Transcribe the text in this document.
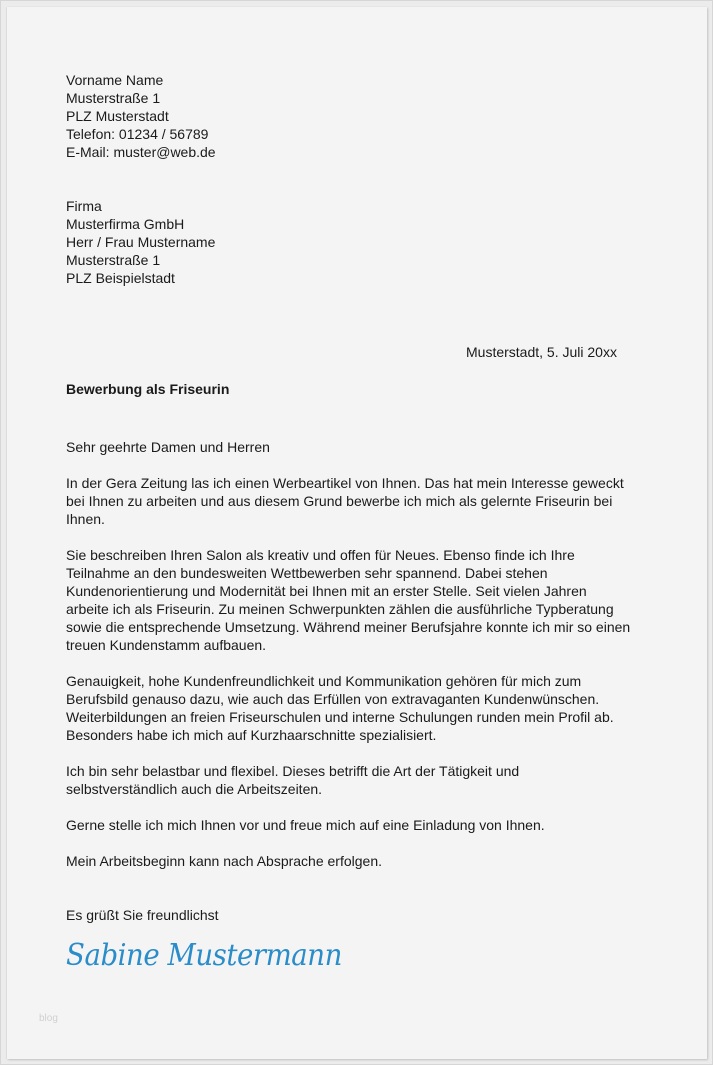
Vorname Name
Musterstraße 1
PLZ Musterstadt
Telefon: 01234 / 56789
E-Mail: muster@web.de
Firma
Musterfirma GmbH
Herr / Frau Mustername
Musterstraße 1
PLZ Beispielstadt
Musterstadt, 5. Juli 20xx
Bewerbung als Friseurin
Sehr geehrte Damen und Herren
In der Gera Zeitung las ich einen Werbeartikel von Ihnen. Das hat mein Interesse geweckt
bei Ihnen zu arbeiten und aus diesem Grund bewerbe ich mich als gelernte Friseurin bei
Ihnen.
Sie beschreiben Ihren Salon als kreativ und offen für Neues. Ebenso finde ich Ihre
Teilnahme an den bundesweiten Wettbewerben sehr spannend. Dabei stehen
Kundenorientierung und Modernität bei Ihnen mit an erster Stelle. Seit vielen Jahren
arbeite ich als Friseurin. Zu meinen Schwerpunkten zählen die ausführliche Typberatung
sowie die entsprechende Umsetzung. Während meiner Berufsjahre konnte ich mir so einen
treuen Kundenstamm aufbauen.
Genauigkeit, hohe Kundenfreundlichkeit und Kommunikation gehören für mich zum
Berufsbild genauso dazu, wie auch das Erfüllen von extravaganten Kundenwünschen.
Weiterbildungen an freien Friseurschulen und interne Schulungen runden mein Profil ab.
Besonders habe ich mich auf Kurzhaarschnitte spezialisiert.
Ich bin sehr belastbar und flexibel. Dieses betrifft die Art der Tätigkeit und
selbstverständlich auch die Arbeitszeiten.
Gerne stelle ich mich Ihnen vor und freue mich auf eine Einladung von Ihnen.
Mein Arbeitsbeginn kann nach Absprache erfolgen.
Es grüßt Sie freundlichst
Sabine Mustermann
blog
